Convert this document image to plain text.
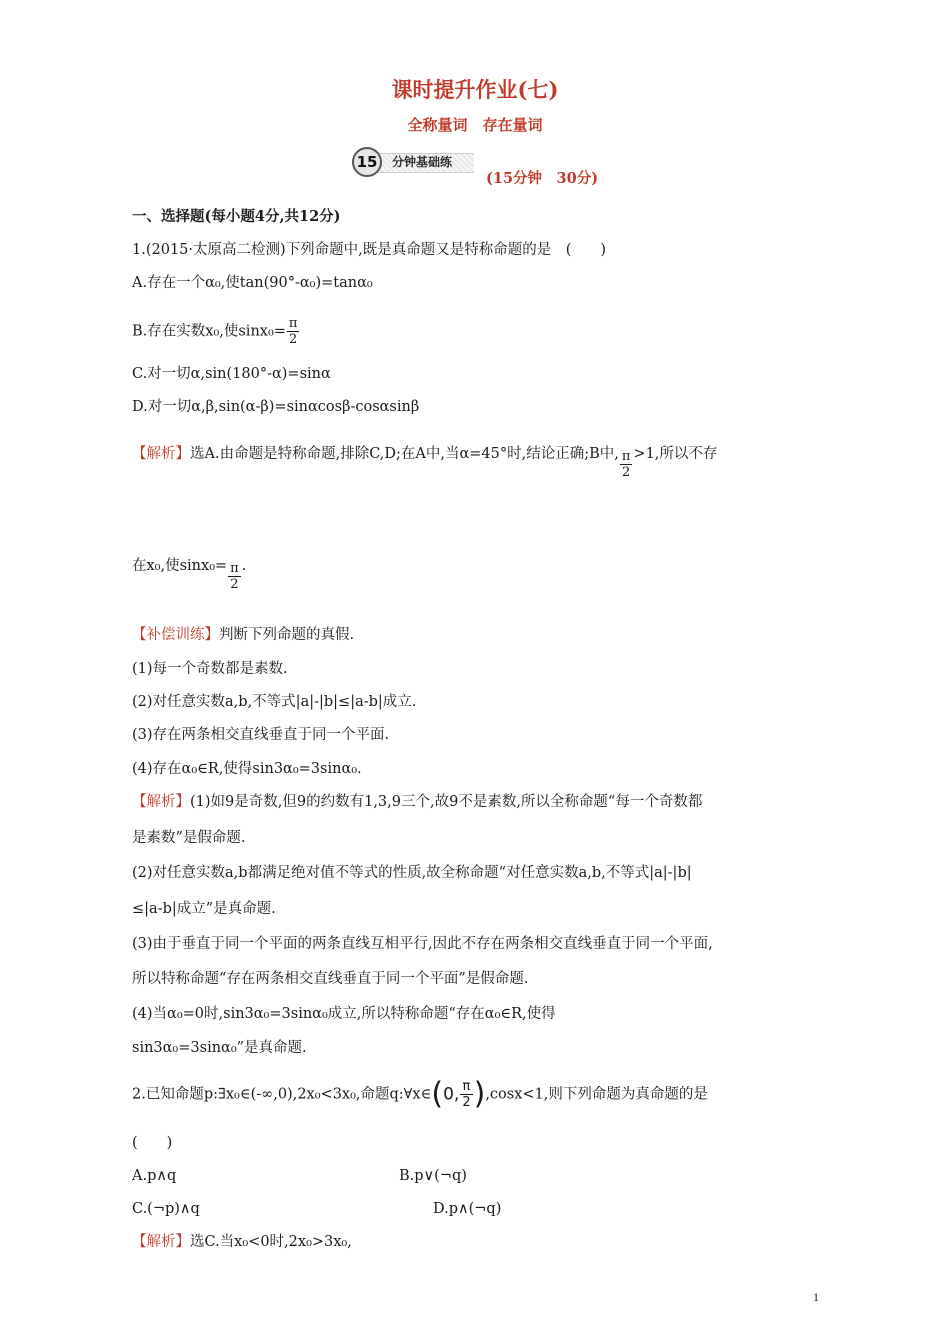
课时提升作业(七)
全称量词　存在量词
15	分钟基础练
(15分钟　30分)
一、选择题(每小题4分,共12分)
1.(2015·太原高二检测)下列命题中,既是真命题又是特称命题的是　(　　)
A.存在一个α₀,使tan(90°-α₀)=tanα₀
B.存在实数x₀,使$\sin x_0= \frac{\pi}{2}$
C.对一切α,sin(180°-α)=sinα
D.对一切α,β,sin(α-β)=sinαcosβ-cosαsinβ
【解析】选A.由命题是特称命题,排除C,D;在A中,当α=45°时,结论正确;B中, $\frac{\pi}{2} >1$,所以不存
在x₀,使$\sin x_0= \frac{\pi}{2}$ .
【补偿训练】判断下列命题的真假.
(1)每一个奇数都是素数.
(2)对任意实数a,b,不等式|a|-|b|≤|a-b|成立.
(3)存在两条相交直线垂直于同一个平面.
(4)存在α₀∈R,使得sin3α₀=3sinα₀.
【解析】(1)如9是奇数,但9的约数有1,3,9三个,故9不是素数,所以全称命题“每一个奇数都
是素数”是假命题.
(2)对任意实数a,b都满足绝对值不等式的性质,故全称命题“对任意实数a,b,不等式|a|-|b|
≤|a-b|成立”是真命题.
(3)由于垂直于同一个平面的两条直线互相平行,因此不存在两条相交直线垂直于同一个平面,
所以特称命题“存在两条相交直线垂直于同一个平面”是假命题.
(4)当α₀=0时,sin3α₀=3sinα₀成立,所以特称命题“存在α₀∈R,使得
sin3α₀=3sinα₀”是真命题.
2.已知命题p:∃x₀∈(-∞,0),2x₀<3x₀,命题q:∀x∈(0, $\frac{\pi}{2} ),\cos x<1$,则下列命题为真命题的是
(　　)
A.p∧q	B.p∨(¬q)
C.(¬p)∧q	D.p∧(¬q)
【解析】选C.当x₀<0时,2x₀>3x₀,
1
